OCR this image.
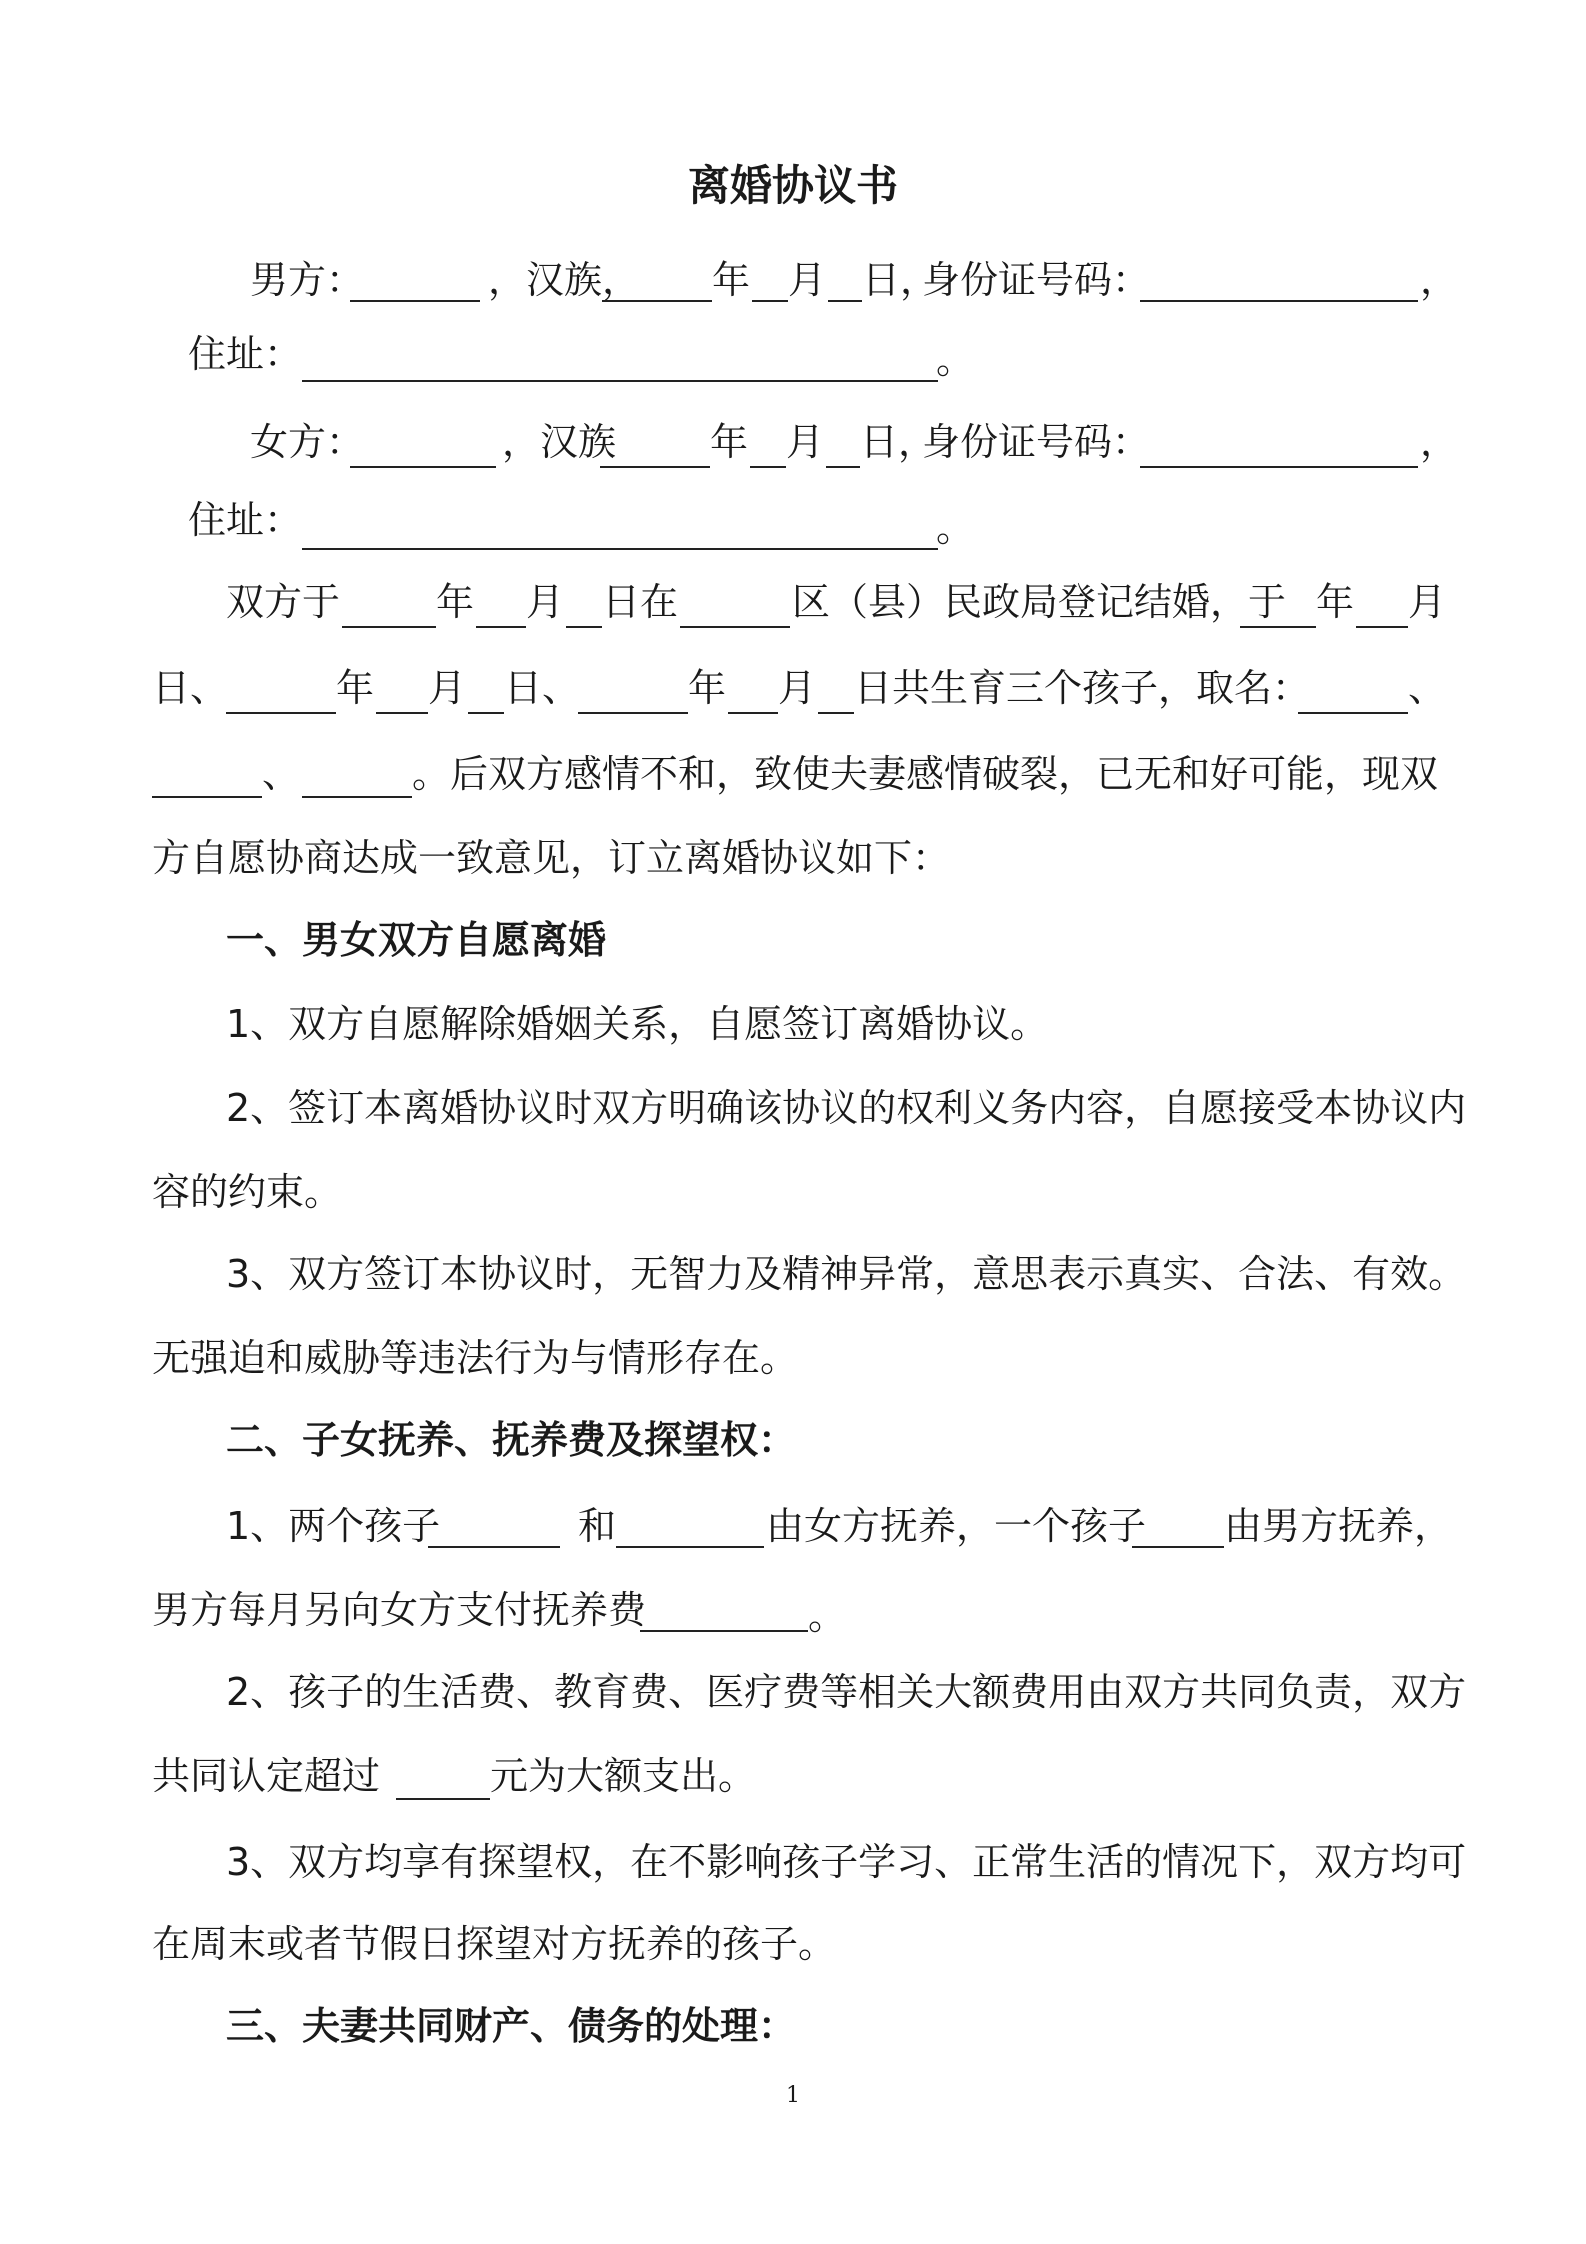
离婚协议书
男方：	，汉族， 年 月 日，
身份证号码：	，
住址：	。
女方：	，汉族 年 月 日，
身份证号码：	，
住址：	。
双方于	年 月 日在	区（县）民政局登记结婚，于 年 月
日、	年 月 日、	年 月 日共生育三个孩子，取名：	、
、	。后双方感情不和，致使夫妻感情破裂，已无和好可能，现双
方自愿协商达成一致意见，订立离婚协议如下：
一、男女双方自愿离婚
1、双方自愿解除婚姻关系，自愿签订离婚协议。
2、签订本离婚协议时双方明确该协议的权利义务内容，自愿接受本协议内
容的约束。
3、双方签订本协议时，无智力及精神异常，意思表示真实、合法、有效。
无强迫和威胁等违法行为与情形存在。
二、子女抚养、抚养费及探望权：
1、两个孩子	和	由女方抚养，一个孩子 由男方抚养，
男方每月另向女方支付抚养费	。
2、孩子的生活费、教育费、医疗费等相关大额费用由双方共同负责，双方
共同认定超过	元为大额支出。
3、双方均享有探望权，在不影响孩子学习、正常生活的情况下，双方均可
在周末或者节假日探望对方抚养的孩子。
三、夫妻共同财产、债务的处理：
1
